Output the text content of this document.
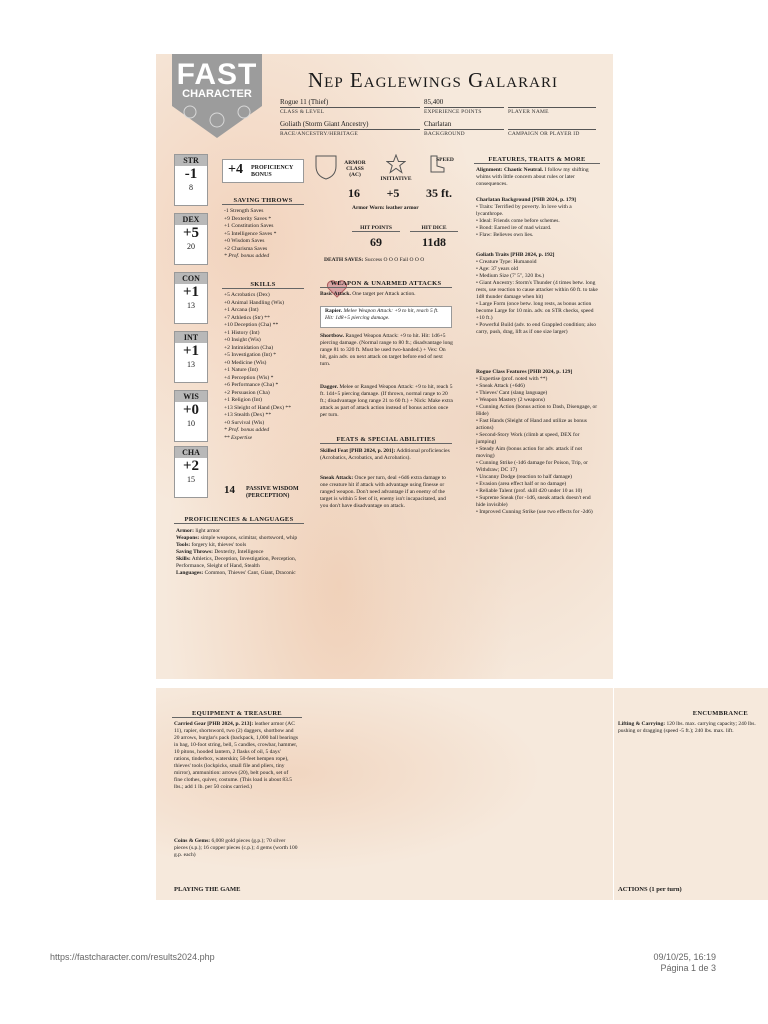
FAST
CHARACTER
Nep Eaglewings Galarari
Rogue 11 (Thief)
CLASS & LEVEL
85,400
EXPERIENCE POINTS	PLAYER NAME
Goliath (Storm Giant Ancestry)
RACE/ANCESTRY/HERITAGE
Charlatan
BACKGROUND	CAMPAIGN OR PLAYER ID
STR
-1
8
DEX
+5
20
CON
+1
13
INT
+1
13
WIS
+0
10
CHA
+2
15
+4 PROFICIENCY
BONUS
SAVING THROWS
-1 Strength Saves
+9 Dexterity Saves *
+1 Constitution Saves
+5 Intelligence Saves *
+0 Wisdom Saves
+2 Charisma Saves
* Prof. bonus added
SKILLS
+5 Acrobatics (Dex)
+0 Animal Handling (Wis)
+1 Arcana (Int)
+7 Athletics (Str) **
+10 Deception (Cha) **
+1 History (Int)
+0 Insight (Wis)
+2 Intimidation (Cha)
+5 Investigation (Int) *
+0 Medicine (Wis)
+1 Nature (Int)
+4 Perception (Wis) *
+6 Performance (Cha) *
+2 Persuasion (Cha)
+1 Religion (Int)
+13 Sleight of Hand (Dex) **
+13 Stealth (Dex) **
+0 Survival (Wis)
* Prof. bonus added
** Expertise
14 PASSIVE WISDOM
(PERCEPTION)
PROFICIENCIES & LANGUAGES
Armor: light armor
Weapons: simple weapons, scimitar, shortsword, whip
Tools: forgery kit, thieves' tools
Saving Throws: Dexterity, Intelligence
Skills: Athletics, Deception, Investigation, Perception, Performance, Sleight of Hand, Stealth
Languages: Common, Thieves' Cant, Giant, Draconic
ARMOR CLASS (AC)
16
INITIATIVE
+5
SPEED
35 ft.
Armor Worn: leather armor
HIT POINTS
69
HIT DICE
11d8
DEATH SAVES: Success O O O Fail O O O
WEAPON & UNARMED ATTACKS
Basic Attack. One target per Attack action.
Rapier. Melee Weapon Attack: +9 to hit, reach 5 ft. Hit: 1d8+5 piercing damage.
Shortbow. Ranged Weapon Attack: +9 to hit. Hit: 1d6+5 piercing damage. (Normal range to 80 ft.; disadvantage long range 81 to 320 ft. Must be used two-handed.) + Vex: On hit, gain adv. on next attack on target before end of next turn.
Dagger. Melee or Ranged Weapon Attack: +9 to hit, reach 5 ft. 1d4+5 piercing damage. (If thrown, normal range to 20 ft.; disadvantage long range 21 to 60 ft.) + Nick: Make extra attack as part of attack action instead of bonus action once per turn.
FEATS & SPECIAL ABILITIES
Skilled Feat [PHB 2024, p. 201]: Additional proficiencies (Acrobatics, Acrobatics, and Acrobatics).
Sneak Attack: Once per turn, deal +6d6 extra damage to one creature hit if attack with advantage using finesse or ranged weapon. Don't need advantage if an enemy of the target is within 5 feet of it, enemy isn't incapacitated, and you don't have disadvantage on attack.
FEATURES, TRAITS & MORE
Alignment: Chaotic Neutral. I follow my shifting whims with little concern about rules or later consequences.
Charlatan Background [PHB 2024, p. 179]
• Traits: Terrified by poverty. In love with a lycanthrope.
• Ideal: Friends come before schemes.
• Bond: Earned ire of mad wizard.
• Flaw: Believes own lies.
Goliath Traits [PHB 2024, p. 192]
• Creature Type: Humanoid
• Age: 37 years old
• Medium Size (7' 5", 320 lbs.)
• Giant Ancestry: Storm's Thunder (4 times betw. long rests, use reaction to cause attacker within 60 ft. to take 1d8 thunder damage when hit)
• Large Form (once betw. long rests, as bonus action become Large for 10 min. adv. on STR checks, speed +10 ft.)
• Powerful Build (adv. to end Grappled condition; also carry, push, drag, lift as if one size larger)
Rogue Class Features [PHB 2024, p. 129]
• Expertise (prof. noted with **)
• Sneak Attack (+6d6)
• Thieves' Cant (slang language)
• Weapon Mastery (2 weapons)
• Cunning Action (bonus action to Dash, Disengage, or Hide)
• Fast Hands (Sleight of Hand and utilize as bonus actions)
• Second-Story Work (climb at speed, DEX for jumping)
• Steady Aim (bonus action for adv. attack if not moving)
• Cunning Strike (-1d6 damage for Poison, Trip, or Withdraw; DC 17)
• Uncanny Dodge (reaction to half damage)
• Evasion (area effect half or no damage)
• Reliable Talent (prof. skill d20 under 10 as 10)
• Supreme Sneak (for -1d6, sneak attack doesn't end hide invisible)
• Improved Cunning Strike (use two effects for -2d6)
EQUIPMENT & TREASURE
Carried Gear [PHB 2024, p. 213]: leather armor (AC 11), rapier, shortsword, two (2) daggers, shortbow and 20 arrows, burglar's pack (backpack, 1,000 ball bearings in bag, 10-foot string, bell, 5 candles, crowbar, hammer, 10 pitons, hooded lantern, 2 flasks of oil, 5 days' rations, tinderbox, waterskin; 50-feet hempen rope), thieves' tools (lockpicks, small file and pliers, tiny mirror), ammunition: arrows (20), belt pouch, set of fine clothes, quiver, costume. (This load is about 83.5 lbs.; add 1 lb. per 50 coins carried.)
Coins & Gems: 6,008 gold pieces (g.p.); 70 silver pieces (s.p.); 16 copper pieces (c.p.); 4 gems (worth 100 g.p. each)
PLAYING THE GAME
ENCUMBRANCE
Lifting & Carrying: 120 lbs. max. carrying capacity; 240 lbs. pushing or dragging (speed -5 ft.); 240 lbs. max. lift.
ACTIONS (1 per turn)
https://fastcharacter.com/results2024.php	09/10/25, 16:19
Página 1 de 3
